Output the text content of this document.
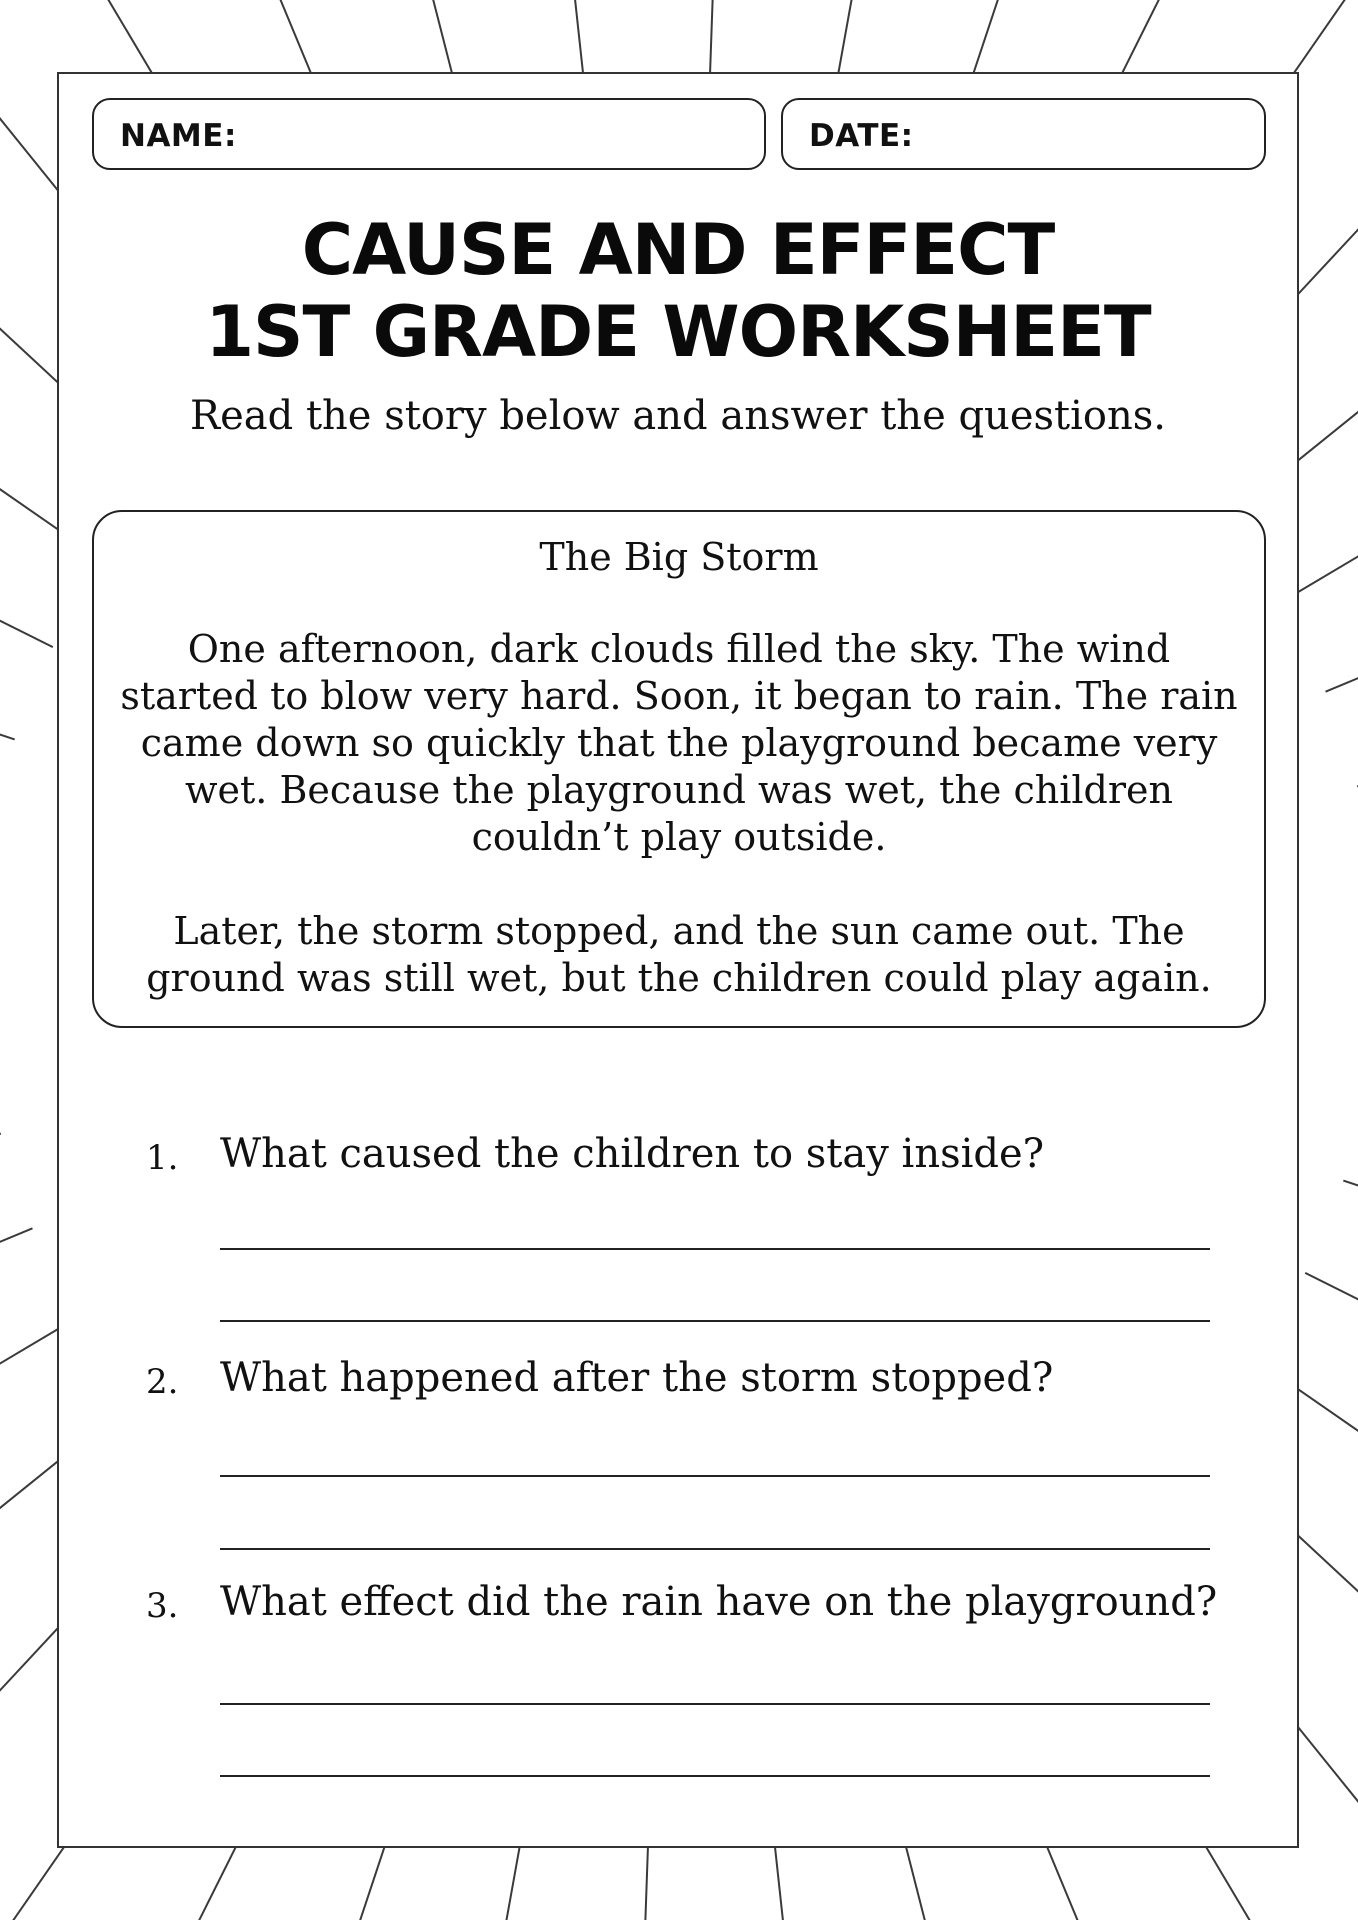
NAME:	DATE:
CAUSE AND EFFECT
1ST GRADE WORKSHEET
Read the story below and answer the questions.
The Big Storm
One afternoon, dark clouds filled the sky. The wind started to blow very hard. Soon, it began to rain. The rain came down so quickly that the playground became very wet. Because the playground was wet, the children couldn’t play outside.
Later, the storm stopped, and the sun came out. The ground was still wet, but the children could play again.
1. What caused the children to stay inside?
2. What happened after the storm stopped?
3. What effect did the rain have on the playground?
